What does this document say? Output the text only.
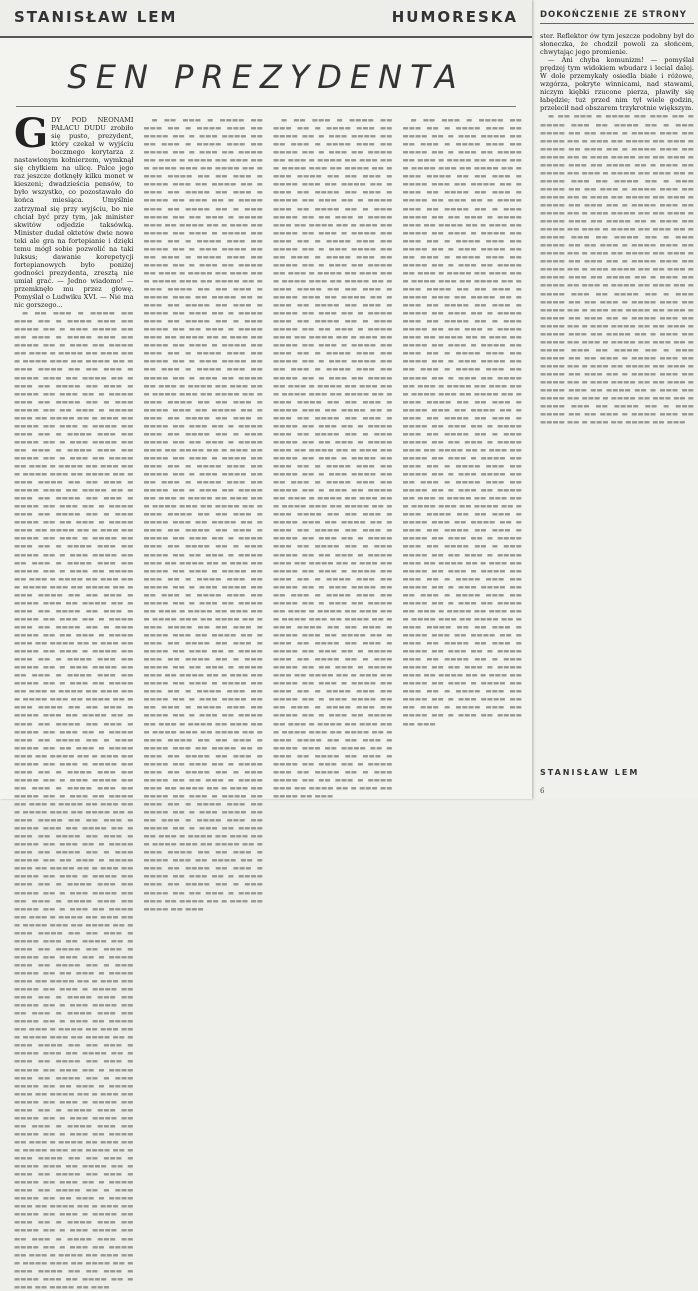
STANISŁAW LEM	HUMORESKA
SEN PREZYDENTA

GDY POD NEONAMI PAŁACU DUDU zrobiło się pusto, prezydent, który czekał w wyjściu boczmego korytarza z nastawionym kołnierzem, wymknął się chyłkiem na ulicę. Palce jego raz jeszcze dotknęły kilku monet w kieszeni; dwadzieścia pensów, to było wszystko, co pozostawało do końca miesiąca. Umyślnie zatrzymał się przy wyjściu, bo nie chciał być przy tym, jak minister skwitów odjedzie taksówką. Minister dudał oktetów dwie nowe teki ale gra na fortepianie i dzięki temu mógł sobie pozwolić na taki luksus; dawanie korepetycji fortepianowych było poniżej godności prezydenta, zresztą nie umiał grać. — Jedno wiadomo! — przemknęło mu przez głowę. Pomyślał o Ludwiku XVI. — Nie ma nic gorszego...

▬ ▬▬ ▬▬▬ ▬ ▬▬▬▬ ▬▬ ▬▬▬ ▬▬ ▬ ▬▬▬▬ ▬▬▬ ▬▬ ▬▬▬▬ ▬▬ ▬ ▬▬▬ ▬▬▬▬ ▬▬ ▬▬ ▬▬▬ ▬ ▬▬▬▬ ▬▬▬ ▬▬ ▬▬▬▬ ▬▬ ▬ ▬▬▬ ▬▬ ▬▬▬▬ ▬▬ ▬▬▬ ▬ ▬▬▬▬ ▬▬ ▬▬▬ ▬▬ ▬ ▬▬▬▬ ▬▬▬ ▬▬ ▬▬▬▬ ▬▬ ▬ ▬▬▬ ▬▬▬▬ ▬▬ ▬▬ ▬▬▬ ▬ ▬▬▬▬ ▬▬▬ ▬▬ ▬▬▬▬ ▬▬ ▬ ▬▬▬ ▬▬ ▬▬▬▬ ▬▬ ▬▬▬ ▬ ▬▬▬▬ ▬▬ ▬▬▬ ▬▬ ▬ ▬▬▬▬ ▬▬▬ ▬▬ ▬▬▬▬ ▬▬ ▬ ▬▬▬ ▬▬▬▬ ▬▬ ▬▬ ▬▬▬ ▬ ▬▬▬▬ ▬▬▬ ▬▬ ▬▬▬▬ ▬▬ ▬ ▬▬▬ ▬▬ ▬▬▬▬ ▬▬ ▬▬▬ ▬ ▬▬▬▬ ▬▬ ▬▬▬ ▬▬ ▬ ▬▬▬▬ ▬▬▬ ▬▬ ▬▬▬▬ ▬▬ ▬ ▬▬▬ ▬▬▬▬ ▬▬ ▬▬ ▬▬▬ ▬ ▬▬▬▬ ▬▬▬ ▬▬ ▬▬▬▬ ▬▬ ▬ ▬▬▬ ▬▬ ▬▬▬▬ ▬▬ ▬▬▬ ▬ ▬▬▬▬ ▬▬ ▬▬▬ ▬▬ ▬ ▬▬▬▬ ▬▬▬ ▬▬ ▬▬▬▬ ▬▬ ▬ ▬▬▬ ▬▬▬▬ ▬▬ ▬▬ ▬▬▬ ▬ ▬▬▬▬ ▬▬▬ ▬▬ ▬▬▬▬ ▬▬ ▬ ▬▬▬ ▬▬ ▬▬▬▬ ▬▬ ▬▬▬ ▬ ▬▬▬▬ ▬▬ ▬▬▬ ▬▬ ▬ ▬▬▬▬ ▬▬▬ ▬▬ ▬▬▬▬ ▬▬ ▬ ▬▬▬ ▬▬▬▬ ▬▬ ▬▬ ▬▬▬ ▬ ▬▬▬▬ ▬▬▬ ▬▬ ▬▬▬▬ ▬▬ ▬ ▬▬▬ ▬▬ ▬▬▬▬ ▬▬ ▬▬▬ ▬ ▬▬▬▬ ▬▬ ▬▬▬ ▬▬ ▬ ▬▬▬▬ ▬▬▬ ▬▬ ▬▬▬▬ ▬▬ ▬ ▬▬▬ ▬▬▬▬ ▬▬ ▬▬ ▬▬▬ ▬ ▬▬▬▬ ▬▬▬ ▬▬ ▬▬▬▬ ▬▬ ▬ ▬▬▬ ▬▬ ▬▬▬▬ ▬▬ ▬▬▬ ▬ ▬▬▬▬ ▬▬ ▬▬▬ ▬▬ ▬ ▬▬▬▬ ▬▬▬ ▬▬ ▬▬▬▬ ▬▬ ▬ ▬▬▬ ▬▬▬▬ ▬▬ ▬▬ ▬▬▬ ▬ ▬▬▬▬ ▬▬▬ ▬▬ ▬▬▬▬ ▬▬ ▬ ▬▬▬ ▬▬ ▬▬▬▬ ▬▬ ▬▬▬ ▬ ▬▬▬▬ ▬▬ ▬▬▬ ▬▬ ▬ ▬▬▬▬ ▬▬▬ ▬▬ ▬▬▬▬ ▬▬ ▬ ▬▬▬ ▬▬▬▬ ▬▬ ▬▬ ▬▬▬ ▬ ▬▬▬▬ ▬▬▬ ▬▬ ▬▬▬▬ ▬▬ ▬ ▬▬▬ ▬▬ ▬▬▬▬ ▬▬ ▬▬▬ ▬ ▬▬▬▬ ▬▬ ▬▬▬ ▬▬ ▬ ▬▬▬▬ ▬▬▬ ▬▬ ▬▬▬▬ ▬▬ ▬ ▬▬▬ ▬▬▬▬ ▬▬ ▬▬ ▬▬▬ ▬ ▬▬▬▬ ▬▬▬ ▬▬ ▬▬▬▬ ▬▬ ▬ ▬▬▬ ▬▬ ▬▬▬▬ ▬▬ ▬▬▬ ▬ ▬▬▬▬ ▬▬ ▬▬▬ ▬▬ ▬ ▬▬▬▬ ▬▬▬ ▬▬ ▬▬▬▬ ▬▬ ▬ ▬▬▬ ▬▬▬▬ ▬▬ ▬▬ ▬▬▬ ▬ ▬▬▬▬ ▬▬▬ ▬▬ ▬▬▬▬ ▬▬ ▬ ▬▬▬ ▬▬ ▬▬▬▬ ▬▬ ▬▬▬ ▬ ▬▬▬▬ ▬▬ ▬▬▬ ▬▬ ▬ ▬▬▬▬ ▬▬▬ ▬▬ ▬▬▬▬ ▬▬ ▬ ▬▬▬ ▬▬▬▬ ▬▬ ▬▬ ▬▬▬ ▬ ▬▬▬▬ ▬▬▬ ▬▬ ▬▬▬▬ ▬▬ ▬ ▬▬▬ ▬▬ ▬▬▬▬ ▬▬ ▬▬▬ ▬ ▬▬▬▬ ▬▬ ▬▬▬ ▬▬ ▬ ▬▬▬▬ ▬▬▬ ▬▬ ▬▬▬▬ ▬▬ ▬ ▬▬▬ ▬▬▬▬ ▬▬ ▬▬ ▬▬▬ ▬ ▬▬▬▬ ▬▬▬ ▬▬ ▬▬▬▬ ▬▬ ▬ ▬▬▬ ▬▬ ▬▬▬▬ ▬▬ ▬▬▬ ▬ ▬▬▬▬ ▬▬ ▬▬▬ ▬▬ ▬ ▬▬▬▬ ▬▬▬ ▬▬ ▬▬▬▬ ▬▬ ▬ ▬▬▬ ▬▬▬▬ ▬▬ ▬▬ ▬▬▬ ▬ ▬▬▬▬ ▬▬▬ ▬▬ ▬▬▬▬ ▬▬ ▬ ▬▬▬ ▬▬ ▬▬▬▬ ▬▬ ▬▬▬ ▬ ▬▬▬▬ ▬▬ ▬▬▬ ▬▬ ▬ ▬▬▬▬ ▬▬▬ ▬▬ ▬▬▬▬ ▬▬ ▬ ▬▬▬ ▬▬▬▬ ▬▬ ▬▬ ▬▬▬ ▬ ▬▬▬▬ ▬▬▬ ▬▬ ▬▬▬▬ ▬▬ ▬ ▬▬▬ ▬▬ ▬▬▬▬ ▬▬ ▬▬▬ ▬ ▬▬▬▬ ▬▬ ▬▬▬ ▬▬ ▬ ▬▬▬▬ ▬▬▬ ▬▬ ▬▬▬▬ ▬▬ ▬ ▬▬▬ ▬▬▬▬ ▬▬ ▬▬ ▬▬▬ ▬ ▬▬▬▬ ▬▬▬ ▬▬ ▬▬▬▬ ▬▬ ▬ ▬▬▬ ▬▬ ▬▬▬▬ ▬▬ ▬▬▬ ▬ ▬▬▬▬ ▬▬ ▬▬▬ ▬▬ ▬ ▬▬▬▬ ▬▬▬ ▬▬ ▬▬▬▬ ▬▬ ▬ ▬▬▬ ▬▬▬▬ ▬▬ ▬▬ ▬▬▬ ▬ ▬▬▬▬ ▬▬▬ ▬▬ ▬▬▬▬ ▬▬ ▬ ▬▬▬ ▬▬ ▬▬▬▬ ▬▬ ▬▬▬ ▬ ▬▬▬▬ ▬▬ ▬▬▬ ▬▬ ▬ ▬▬▬▬ ▬▬▬ ▬▬ ▬▬▬▬ ▬▬ ▬ ▬▬▬ ▬▬▬▬ ▬▬ ▬▬ ▬▬▬ ▬ ▬▬▬▬ ▬▬▬ ▬▬ ▬▬▬▬ ▬▬ ▬ ▬▬▬ ▬▬ ▬▬▬▬ ▬▬ ▬▬▬ ▬ ▬▬▬▬ ▬▬ ▬▬▬ ▬▬ ▬ ▬▬▬▬ ▬▬▬ ▬▬ ▬▬▬▬ ▬▬ ▬ ▬▬▬ ▬▬▬▬ ▬▬ ▬▬ ▬▬▬ ▬ ▬▬▬▬ ▬▬▬ ▬▬ ▬▬▬▬ ▬▬ ▬ ▬▬▬ ▬▬ ▬▬▬▬ ▬▬ ▬▬▬ ▬ ▬▬▬▬ ▬▬ ▬▬▬ ▬▬ ▬ ▬▬▬▬ ▬▬▬ ▬▬ ▬▬▬▬ ▬▬ ▬ ▬▬▬ ▬▬▬▬ ▬▬ ▬▬ ▬▬▬ ▬ ▬▬▬▬ ▬▬▬ ▬▬ ▬▬▬▬ ▬▬ ▬ ▬▬▬ ▬▬ ▬▬▬▬ ▬▬ ▬▬▬ ▬ ▬▬▬▬ ▬▬ ▬▬▬ ▬▬ ▬ ▬▬▬▬ ▬▬▬ ▬▬ ▬▬▬▬ ▬▬ ▬ ▬▬▬ ▬▬▬▬ ▬▬ ▬▬ ▬▬▬ ▬ ▬▬▬▬ ▬▬▬ ▬▬ ▬▬▬▬ ▬▬ ▬ ▬▬▬ ▬▬ ▬▬▬▬ ▬▬ ▬▬▬ ▬ ▬▬▬▬ ▬▬ ▬▬▬ ▬▬ ▬ ▬▬▬▬ ▬▬▬ ▬▬ ▬▬▬▬ ▬▬ ▬ ▬▬▬ ▬▬▬▬ ▬▬ ▬▬ ▬▬▬ ▬ ▬▬▬▬ ▬▬▬ ▬▬ ▬▬▬▬ ▬▬ ▬ ▬▬▬ ▬▬ ▬▬▬▬ ▬▬ ▬▬▬ ▬ ▬▬▬▬ ▬▬ ▬▬▬ ▬▬ ▬ ▬▬▬▬ ▬▬▬ ▬▬ ▬▬▬▬ ▬▬ ▬ ▬▬▬ ▬▬▬▬ ▬▬ ▬▬ ▬▬▬ ▬ ▬▬▬▬ ▬▬▬ ▬▬ ▬▬▬▬ ▬▬ ▬ ▬▬▬ ▬▬ ▬▬▬▬ ▬▬ ▬▬▬ ▬ ▬▬▬▬ ▬▬ ▬▬▬ ▬▬ ▬ ▬▬▬▬ ▬▬▬ ▬▬ ▬▬▬▬ ▬▬ ▬ ▬▬▬ ▬▬▬▬ ▬▬ ▬▬ ▬▬▬ ▬ ▬▬▬▬ ▬▬▬ ▬▬ ▬▬▬▬ ▬▬ ▬ ▬▬▬ ▬▬ ▬▬▬▬ ▬▬ ▬▬▬ ▬ ▬▬▬▬ ▬▬ ▬▬▬ ▬▬ ▬ ▬▬▬▬ ▬▬▬ ▬▬ ▬▬▬▬ ▬▬ ▬ ▬▬▬ ▬▬▬▬ ▬▬ ▬▬ ▬▬▬ ▬ ▬▬▬▬ ▬▬▬ ▬▬ ▬▬▬▬ ▬▬ ▬ ▬▬▬ ▬▬ ▬▬▬▬ ▬▬ ▬▬▬ ▬ ▬▬▬▬ ▬▬ ▬▬▬ ▬▬ ▬ ▬▬▬▬ ▬▬▬ ▬▬ ▬▬▬▬ ▬▬ ▬ ▬▬▬ ▬▬▬▬ ▬▬ ▬▬ ▬▬▬ ▬ ▬▬▬▬ ▬▬▬ ▬▬ ▬▬▬▬ ▬▬ ▬ ▬▬▬ ▬▬ ▬▬▬▬ ▬▬ ▬▬▬

▬ ▬▬ ▬▬▬ ▬ ▬▬▬▬ ▬▬ ▬▬▬ ▬▬ ▬ ▬▬▬▬ ▬▬▬ ▬▬ ▬▬▬▬ ▬▬ ▬ ▬▬▬ ▬▬▬▬ ▬▬ ▬▬ ▬▬▬ ▬ ▬▬▬▬ ▬▬▬ ▬▬ ▬▬▬▬ ▬▬ ▬ ▬▬▬ ▬▬ ▬▬▬▬ ▬▬ ▬▬▬ ▬ ▬▬▬▬ ▬▬ ▬▬▬ ▬▬ ▬ ▬▬▬▬ ▬▬▬ ▬▬ ▬▬▬▬ ▬▬ ▬ ▬▬▬ ▬▬▬▬ ▬▬ ▬▬ ▬▬▬ ▬ ▬▬▬▬ ▬▬▬ ▬▬ ▬▬▬▬ ▬▬ ▬ ▬▬▬ ▬▬ ▬▬▬▬ ▬▬ ▬▬▬ ▬ ▬▬▬▬ ▬▬ ▬▬▬ ▬▬ ▬ ▬▬▬▬ ▬▬▬ ▬▬ ▬▬▬▬ ▬▬ ▬ ▬▬▬ ▬▬▬▬ ▬▬ ▬▬ ▬▬▬ ▬ ▬▬▬▬ ▬▬▬ ▬▬ ▬▬▬▬ ▬▬ ▬ ▬▬▬ ▬▬ ▬▬▬▬ ▬▬ ▬▬▬ ▬ ▬▬▬▬ ▬▬ ▬▬▬ ▬▬ ▬ ▬▬▬▬ ▬▬▬ ▬▬ ▬▬▬▬ ▬▬ ▬ ▬▬▬ ▬▬▬▬ ▬▬ ▬▬ ▬▬▬ ▬ ▬▬▬▬ ▬▬▬ ▬▬ ▬▬▬▬ ▬▬ ▬ ▬▬▬ ▬▬ ▬▬▬▬ ▬▬ ▬▬▬ ▬ ▬▬▬▬ ▬▬ ▬▬▬ ▬▬ ▬ ▬▬▬▬ ▬▬▬ ▬▬ ▬▬▬▬ ▬▬ ▬ ▬▬▬ ▬▬▬▬ ▬▬ ▬▬ ▬▬▬ ▬ ▬▬▬▬ ▬▬▬ ▬▬ ▬▬▬▬ ▬▬ ▬ ▬▬▬ ▬▬ ▬▬▬▬ ▬▬ ▬▬▬ ▬ ▬▬▬▬ ▬▬ ▬▬▬ ▬▬ ▬ ▬▬▬▬ ▬▬▬ ▬▬ ▬▬▬▬ ▬▬ ▬ ▬▬▬ ▬▬▬▬ ▬▬ ▬▬ ▬▬▬ ▬ ▬▬▬▬ ▬▬▬ ▬▬ ▬▬▬▬ ▬▬ ▬ ▬▬▬ ▬▬ ▬▬▬▬ ▬▬ ▬▬▬ ▬ ▬▬▬▬ ▬▬ ▬▬▬ ▬▬ ▬ ▬▬▬▬ ▬▬▬ ▬▬ ▬▬▬▬ ▬▬ ▬ ▬▬▬ ▬▬▬▬ ▬▬ ▬▬ ▬▬▬ ▬ ▬▬▬▬ ▬▬▬ ▬▬ ▬▬▬▬ ▬▬ ▬ ▬▬▬ ▬▬ ▬▬▬▬ ▬▬ ▬▬▬ ▬ ▬▬▬▬ ▬▬ ▬▬▬ ▬▬ ▬ ▬▬▬▬ ▬▬▬ ▬▬ ▬▬▬▬ ▬▬ ▬ ▬▬▬ ▬▬▬▬ ▬▬ ▬▬ ▬▬▬ ▬ ▬▬▬▬ ▬▬▬ ▬▬ ▬▬▬▬ ▬▬ ▬ ▬▬▬ ▬▬ ▬▬▬▬ ▬▬ ▬▬▬ ▬ ▬▬▬▬ ▬▬ ▬▬▬ ▬▬ ▬ ▬▬▬▬ ▬▬▬ ▬▬ ▬▬▬▬ ▬▬ ▬ ▬▬▬ ▬▬▬▬ ▬▬ ▬▬ ▬▬▬ ▬ ▬▬▬▬ ▬▬▬ ▬▬ ▬▬▬▬ ▬▬ ▬ ▬▬▬ ▬▬ ▬▬▬▬ ▬▬ ▬▬▬ ▬ ▬▬▬▬ ▬▬ ▬▬▬ ▬▬ ▬ ▬▬▬▬ ▬▬▬ ▬▬ ▬▬▬▬ ▬▬ ▬ ▬▬▬ ▬▬▬▬ ▬▬ ▬▬ ▬▬▬ ▬ ▬▬▬▬ ▬▬▬ ▬▬ ▬▬▬▬ ▬▬ ▬ ▬▬▬ ▬▬ ▬▬▬▬ ▬▬ ▬▬▬ ▬ ▬▬▬▬ ▬▬ ▬▬▬ ▬▬ ▬ ▬▬▬▬ ▬▬▬ ▬▬ ▬▬▬▬ ▬▬ ▬ ▬▬▬ ▬▬▬▬ ▬▬ ▬▬ ▬▬▬ ▬ ▬▬▬▬ ▬▬▬ ▬▬ ▬▬▬▬ ▬▬ ▬ ▬▬▬ ▬▬ ▬▬▬▬ ▬▬ ▬▬▬ ▬ ▬▬▬▬ ▬▬ ▬▬▬ ▬▬ ▬ ▬▬▬▬ ▬▬▬ ▬▬ ▬▬▬▬ ▬▬ ▬ ▬▬▬ ▬▬▬▬ ▬▬ ▬▬ ▬▬▬ ▬ ▬▬▬▬ ▬▬▬ ▬▬ ▬▬▬▬ ▬▬ ▬ ▬▬▬ ▬▬ ▬▬▬▬ ▬▬ ▬▬▬ ▬ ▬▬▬▬ ▬▬ ▬▬▬ ▬▬ ▬ ▬▬▬▬ ▬▬▬ ▬▬ ▬▬▬▬ ▬▬ ▬ ▬▬▬ ▬▬▬▬ ▬▬ ▬▬ ▬▬▬ ▬ ▬▬▬▬ ▬▬▬ ▬▬ ▬▬▬▬ ▬▬ ▬ ▬▬▬ ▬▬ ▬▬▬▬ ▬▬ ▬▬▬ ▬ ▬▬▬▬ ▬▬ ▬▬▬ ▬▬ ▬ ▬▬▬▬ ▬▬▬ ▬▬ ▬▬▬▬ ▬▬ ▬ ▬▬▬ ▬▬▬▬ ▬▬ ▬▬ ▬▬▬ ▬ ▬▬▬▬ ▬▬▬ ▬▬ ▬▬▬▬ ▬▬ ▬ ▬▬▬ ▬▬ ▬▬▬▬ ▬▬ ▬▬▬ ▬ ▬▬▬▬ ▬▬ ▬▬▬ ▬▬ ▬ ▬▬▬▬ ▬▬▬ ▬▬ ▬▬▬▬ ▬▬ ▬ ▬▬▬ ▬▬▬▬ ▬▬ ▬▬ ▬▬▬ ▬ ▬▬▬▬ ▬▬▬ ▬▬ ▬▬▬▬ ▬▬ ▬ ▬▬▬ ▬▬ ▬▬▬▬ ▬▬ ▬▬▬ ▬ ▬▬▬▬ ▬▬ ▬▬▬ ▬▬ ▬ ▬▬▬▬ ▬▬▬ ▬▬ ▬▬▬▬ ▬▬ ▬ ▬▬▬ ▬▬▬▬ ▬▬ ▬▬ ▬▬▬ ▬ ▬▬▬▬ ▬▬▬ ▬▬ ▬▬▬▬ ▬▬ ▬ ▬▬▬ ▬▬ ▬▬▬▬ ▬▬ ▬▬▬ ▬ ▬▬▬▬ ▬▬ ▬▬▬ ▬▬ ▬ ▬▬▬▬ ▬▬▬ ▬▬ ▬▬▬▬ ▬▬ ▬ ▬▬▬ ▬▬▬▬ ▬▬ ▬▬ ▬▬▬ ▬ ▬▬▬▬ ▬▬▬ ▬▬ ▬▬▬▬ ▬▬ ▬ ▬▬▬ ▬▬ ▬▬▬▬ ▬▬ ▬▬▬ ▬ ▬▬▬▬ ▬▬ ▬▬▬ ▬▬ ▬ ▬▬▬▬ ▬▬▬ ▬▬ ▬▬▬▬ ▬▬ ▬ ▬▬▬ ▬▬▬▬ ▬▬ ▬▬ ▬▬▬ ▬ ▬▬▬▬ ▬▬▬ ▬▬ ▬▬▬▬ ▬▬ ▬ ▬▬▬ ▬▬ ▬▬▬▬ ▬▬ ▬▬▬ ▬ ▬▬▬▬ ▬▬ ▬▬▬ ▬▬ ▬ ▬▬▬▬ ▬▬▬ ▬▬ ▬▬▬▬ ▬▬ ▬ ▬▬▬ ▬▬▬▬ ▬▬ ▬▬ ▬▬▬ ▬ ▬▬▬▬ ▬▬▬ ▬▬ ▬▬▬▬ ▬▬ ▬ ▬▬▬ ▬▬ ▬▬▬▬ ▬▬ ▬▬▬ ▬ ▬▬▬▬ ▬▬ ▬▬▬ ▬▬ ▬ ▬▬▬▬ ▬▬▬ ▬▬ ▬▬▬▬ ▬▬ ▬ ▬▬▬ ▬▬▬▬ ▬▬ ▬▬ ▬▬▬ ▬ ▬▬▬▬ ▬▬▬ ▬▬ ▬▬▬▬ ▬▬ ▬ ▬▬▬ ▬▬ ▬▬▬▬ ▬▬ ▬▬▬ ▬ ▬▬▬▬ ▬▬ ▬▬▬ ▬▬ ▬ ▬▬▬▬ ▬▬▬ ▬▬ ▬▬▬▬ ▬▬ ▬ ▬▬▬ ▬▬▬▬ ▬▬ ▬▬ ▬▬▬ ▬ ▬▬▬▬ ▬▬▬ ▬▬ ▬▬▬▬ ▬▬ ▬ ▬▬▬ ▬▬ ▬▬▬▬ ▬▬ ▬▬▬

▬ ▬▬ ▬▬▬ ▬ ▬▬▬▬ ▬▬ ▬▬▬ ▬▬ ▬ ▬▬▬▬ ▬▬▬ ▬▬ ▬▬▬▬ ▬▬ ▬ ▬▬▬ ▬▬▬▬ ▬▬ ▬▬ ▬▬▬ ▬ ▬▬▬▬ ▬▬▬ ▬▬ ▬▬▬▬ ▬▬ ▬ ▬▬▬ ▬▬ ▬▬▬▬ ▬▬ ▬▬▬ ▬ ▬▬▬▬ ▬▬ ▬▬▬ ▬▬ ▬ ▬▬▬▬ ▬▬▬ ▬▬ ▬▬▬▬ ▬▬ ▬ ▬▬▬ ▬▬▬▬ ▬▬ ▬▬ ▬▬▬ ▬ ▬▬▬▬ ▬▬▬ ▬▬ ▬▬▬▬ ▬▬ ▬ ▬▬▬ ▬▬ ▬▬▬▬ ▬▬ ▬▬▬ ▬ ▬▬▬▬ ▬▬ ▬▬▬ ▬▬ ▬ ▬▬▬▬ ▬▬▬ ▬▬ ▬▬▬▬ ▬▬ ▬ ▬▬▬ ▬▬▬▬ ▬▬ ▬▬ ▬▬▬ ▬ ▬▬▬▬ ▬▬▬ ▬▬ ▬▬▬▬ ▬▬ ▬ ▬▬▬ ▬▬ ▬▬▬▬ ▬▬ ▬▬▬ ▬ ▬▬▬▬ ▬▬ ▬▬▬ ▬▬ ▬ ▬▬▬▬ ▬▬▬ ▬▬ ▬▬▬▬ ▬▬ ▬ ▬▬▬ ▬▬▬▬ ▬▬ ▬▬ ▬▬▬ ▬ ▬▬▬▬ ▬▬▬ ▬▬ ▬▬▬▬ ▬▬ ▬ ▬▬▬ ▬▬ ▬▬▬▬ ▬▬ ▬▬▬ ▬ ▬▬▬▬ ▬▬ ▬▬▬ ▬▬ ▬ ▬▬▬▬ ▬▬▬ ▬▬ ▬▬▬▬ ▬▬ ▬ ▬▬▬ ▬▬▬▬ ▬▬ ▬▬ ▬▬▬ ▬ ▬▬▬▬ ▬▬▬ ▬▬ ▬▬▬▬ ▬▬ ▬ ▬▬▬ ▬▬ ▬▬▬▬ ▬▬ ▬▬▬ ▬ ▬▬▬▬ ▬▬ ▬▬▬ ▬▬ ▬ ▬▬▬▬ ▬▬▬ ▬▬ ▬▬▬▬ ▬▬ ▬ ▬▬▬ ▬▬▬▬ ▬▬ ▬▬ ▬▬▬ ▬ ▬▬▬▬ ▬▬▬ ▬▬ ▬▬▬▬ ▬▬ ▬ ▬▬▬ ▬▬ ▬▬▬▬ ▬▬ ▬▬▬ ▬ ▬▬▬▬ ▬▬ ▬▬▬ ▬▬ ▬ ▬▬▬▬ ▬▬▬ ▬▬ ▬▬▬▬ ▬▬ ▬ ▬▬▬ ▬▬▬▬ ▬▬ ▬▬ ▬▬▬ ▬ ▬▬▬▬ ▬▬▬ ▬▬ ▬▬▬▬ ▬▬ ▬ ▬▬▬ ▬▬ ▬▬▬▬ ▬▬ ▬▬▬ ▬ ▬▬▬▬ ▬▬ ▬▬▬ ▬▬ ▬ ▬▬▬▬ ▬▬▬ ▬▬ ▬▬▬▬ ▬▬ ▬ ▬▬▬ ▬▬▬▬ ▬▬ ▬▬ ▬▬▬ ▬ ▬▬▬▬ ▬▬▬ ▬▬ ▬▬▬▬ ▬▬ ▬ ▬▬▬ ▬▬ ▬▬▬▬ ▬▬ ▬▬▬ ▬ ▬▬▬▬ ▬▬ ▬▬▬ ▬▬ ▬ ▬▬▬▬ ▬▬▬ ▬▬ ▬▬▬▬ ▬▬ ▬ ▬▬▬ ▬▬▬▬ ▬▬ ▬▬ ▬▬▬ ▬ ▬▬▬▬ ▬▬▬ ▬▬ ▬▬▬▬ ▬▬ ▬ ▬▬▬ ▬▬ ▬▬▬▬ ▬▬ ▬▬▬ ▬ ▬▬▬▬ ▬▬ ▬▬▬ ▬▬ ▬ ▬▬▬▬ ▬▬▬ ▬▬ ▬▬▬▬ ▬▬ ▬ ▬▬▬ ▬▬▬▬ ▬▬ ▬▬ ▬▬▬ ▬ ▬▬▬▬ ▬▬▬ ▬▬ ▬▬▬▬ ▬▬ ▬ ▬▬▬ ▬▬ ▬▬▬▬ ▬▬ ▬▬▬ ▬ ▬▬▬▬ ▬▬ ▬▬▬ ▬▬ ▬ ▬▬▬▬ ▬▬▬ ▬▬ ▬▬▬▬ ▬▬ ▬ ▬▬▬ ▬▬▬▬ ▬▬ ▬▬ ▬▬▬ ▬ ▬▬▬▬ ▬▬▬ ▬▬ ▬▬▬▬ ▬▬ ▬ ▬▬▬ ▬▬ ▬▬▬▬ ▬▬ ▬▬▬ ▬ ▬▬▬▬ ▬▬ ▬▬▬ ▬▬ ▬ ▬▬▬▬ ▬▬▬ ▬▬ ▬▬▬▬ ▬▬ ▬ ▬▬▬ ▬▬▬▬ ▬▬ ▬▬ ▬▬▬ ▬ ▬▬▬▬ ▬▬▬ ▬▬ ▬▬▬▬ ▬▬ ▬ ▬▬▬ ▬▬ ▬▬▬▬ ▬▬ ▬▬▬ ▬ ▬▬▬▬ ▬▬ ▬▬▬ ▬▬ ▬ ▬▬▬▬ ▬▬▬ ▬▬ ▬▬▬▬ ▬▬ ▬ ▬▬▬ ▬▬▬▬ ▬▬ ▬▬ ▬▬▬ ▬ ▬▬▬▬ ▬▬▬ ▬▬ ▬▬▬▬ ▬▬ ▬ ▬▬▬ ▬▬ ▬▬▬▬ ▬▬ ▬▬▬ ▬ ▬▬▬▬ ▬▬ ▬▬▬ ▬▬ ▬ ▬▬▬▬ ▬▬▬ ▬▬ ▬▬▬▬ ▬▬ ▬ ▬▬▬ ▬▬▬▬ ▬▬ ▬▬ ▬▬▬ ▬ ▬▬▬▬ ▬▬▬ ▬▬ ▬▬▬▬ ▬▬ ▬ ▬▬▬ ▬▬ ▬▬▬▬ ▬▬ ▬▬▬ ▬ ▬▬▬▬ ▬▬ ▬▬▬ ▬▬ ▬ ▬▬▬▬ ▬▬▬ ▬▬ ▬▬▬▬ ▬▬ ▬ ▬▬▬ ▬▬▬▬ ▬▬ ▬▬ ▬▬▬ ▬ ▬▬▬▬ ▬▬▬ ▬▬ ▬▬▬▬ ▬▬ ▬ ▬▬▬ ▬▬ ▬▬▬▬ ▬▬ ▬▬▬ ▬ ▬▬▬▬ ▬▬ ▬▬▬ ▬▬ ▬ ▬▬▬▬ ▬▬▬ ▬▬ ▬▬▬▬ ▬▬ ▬ ▬▬▬ ▬▬▬▬ ▬▬ ▬▬ ▬▬▬ ▬ ▬▬▬▬ ▬▬▬ ▬▬ ▬▬▬▬ ▬▬ ▬ ▬▬▬ ▬▬ ▬▬▬▬ ▬▬ ▬▬▬ ▬ ▬▬▬▬ ▬▬ ▬▬▬ ▬▬ ▬ ▬▬▬▬ ▬▬▬ ▬▬ ▬▬▬▬ ▬▬ ▬ ▬▬▬ ▬▬▬▬ ▬▬ ▬▬ ▬▬▬ ▬ ▬▬▬▬ ▬▬▬ ▬▬ ▬▬▬▬ ▬▬ ▬ ▬▬▬ ▬▬ ▬▬▬▬ ▬▬ ▬▬▬ ▬ ▬▬▬▬ ▬▬ ▬▬▬ ▬▬ ▬ ▬▬▬▬ ▬▬▬ ▬▬ ▬▬▬▬ ▬▬ ▬ ▬▬▬ ▬▬▬▬ ▬▬ ▬▬ ▬▬▬ ▬ ▬▬▬▬ ▬▬▬ ▬▬ ▬▬▬▬ ▬▬ ▬ ▬▬▬ ▬▬ ▬▬▬▬ ▬▬ ▬▬▬

▬ ▬▬ ▬▬▬ ▬ ▬▬▬▬ ▬▬ ▬▬▬ ▬▬ ▬ ▬▬▬▬ ▬▬▬ ▬▬ ▬▬▬▬ ▬▬ ▬ ▬▬▬ ▬▬▬▬ ▬▬ ▬▬ ▬▬▬ ▬ ▬▬▬▬ ▬▬▬ ▬▬ ▬▬▬▬ ▬▬ ▬ ▬▬▬ ▬▬ ▬▬▬▬ ▬▬ ▬▬▬ ▬ ▬▬▬▬ ▬▬ ▬▬▬ ▬▬ ▬ ▬▬▬▬ ▬▬▬ ▬▬ ▬▬▬▬ ▬▬ ▬ ▬▬▬ ▬▬▬▬ ▬▬ ▬▬ ▬▬▬ ▬ ▬▬▬▬ ▬▬▬ ▬▬ ▬▬▬▬ ▬▬ ▬ ▬▬▬ ▬▬ ▬▬▬▬ ▬▬ ▬▬▬ ▬ ▬▬▬▬ ▬▬ ▬▬▬ ▬▬ ▬ ▬▬▬▬ ▬▬▬ ▬▬ ▬▬▬▬ ▬▬ ▬ ▬▬▬ ▬▬▬▬ ▬▬ ▬▬ ▬▬▬ ▬ ▬▬▬▬ ▬▬▬ ▬▬ ▬▬▬▬ ▬▬ ▬ ▬▬▬ ▬▬ ▬▬▬▬ ▬▬ ▬▬▬ ▬ ▬▬▬▬ ▬▬ ▬▬▬ ▬▬ ▬ ▬▬▬▬ ▬▬▬ ▬▬ ▬▬▬▬ ▬▬ ▬ ▬▬▬ ▬▬▬▬ ▬▬ ▬▬ ▬▬▬ ▬ ▬▬▬▬ ▬▬▬ ▬▬ ▬▬▬▬ ▬▬ ▬ ▬▬▬ ▬▬ ▬▬▬▬ ▬▬ ▬▬▬ ▬ ▬▬▬▬ ▬▬ ▬▬▬ ▬▬ ▬ ▬▬▬▬ ▬▬▬ ▬▬ ▬▬▬▬ ▬▬ ▬ ▬▬▬ ▬▬▬▬ ▬▬ ▬▬ ▬▬▬ ▬ ▬▬▬▬ ▬▬▬ ▬▬ ▬▬▬▬ ▬▬ ▬ ▬▬▬ ▬▬ ▬▬▬▬ ▬▬ ▬▬▬ ▬ ▬▬▬▬ ▬▬ ▬▬▬ ▬▬ ▬ ▬▬▬▬ ▬▬▬ ▬▬ ▬▬▬▬ ▬▬ ▬ ▬▬▬ ▬▬▬▬ ▬▬ ▬▬ ▬▬▬ ▬ ▬▬▬▬ ▬▬▬ ▬▬ ▬▬▬▬ ▬▬ ▬ ▬▬▬ ▬▬ ▬▬▬▬ ▬▬ ▬▬▬ ▬ ▬▬▬▬ ▬▬ ▬▬▬ ▬▬ ▬ ▬▬▬▬ ▬▬▬ ▬▬ ▬▬▬▬ ▬▬ ▬ ▬▬▬ ▬▬▬▬ ▬▬ ▬▬ ▬▬▬ ▬ ▬▬▬▬ ▬▬▬ ▬▬ ▬▬▬▬ ▬▬ ▬ ▬▬▬ ▬▬ ▬▬▬▬ ▬▬ ▬▬▬ ▬ ▬▬▬▬ ▬▬ ▬▬▬ ▬▬ ▬ ▬▬▬▬ ▬▬▬ ▬▬ ▬▬▬▬ ▬▬ ▬ ▬▬▬ ▬▬▬▬ ▬▬ ▬▬ ▬▬▬ ▬ ▬▬▬▬ ▬▬▬ ▬▬ ▬▬▬▬ ▬▬ ▬ ▬▬▬ ▬▬ ▬▬▬▬ ▬▬ ▬▬▬ ▬ ▬▬▬▬ ▬▬ ▬▬▬ ▬▬ ▬ ▬▬▬▬ ▬▬▬ ▬▬ ▬▬▬▬ ▬▬ ▬ ▬▬▬ ▬▬▬▬ ▬▬ ▬▬ ▬▬▬ ▬ ▬▬▬▬ ▬▬▬ ▬▬ ▬▬▬▬ ▬▬ ▬ ▬▬▬ ▬▬ ▬▬▬▬ ▬▬ ▬▬▬ ▬ ▬▬▬▬ ▬▬ ▬▬▬ ▬▬ ▬ ▬▬▬▬ ▬▬▬ ▬▬ ▬▬▬▬ ▬▬ ▬ ▬▬▬ ▬▬▬▬ ▬▬ ▬▬ ▬▬▬ ▬ ▬▬▬▬ ▬▬▬ ▬▬ ▬▬▬▬ ▬▬ ▬ ▬▬▬ ▬▬ ▬▬▬▬ ▬▬ ▬▬▬ ▬ ▬▬▬▬ ▬▬ ▬▬▬ ▬▬ ▬ ▬▬▬▬ ▬▬▬ ▬▬ ▬▬▬▬ ▬▬ ▬ ▬▬▬ ▬▬▬▬ ▬▬ ▬▬ ▬▬▬ ▬ ▬▬▬▬ ▬▬▬ ▬▬ ▬▬▬▬ ▬▬ ▬ ▬▬▬ ▬▬ ▬▬▬▬ ▬▬ ▬▬▬ ▬ ▬▬▬▬ ▬▬ ▬▬▬ ▬▬ ▬ ▬▬▬▬ ▬▬▬ ▬▬ ▬▬▬▬ ▬▬ ▬ ▬▬▬ ▬▬▬▬ ▬▬ ▬▬ ▬▬▬ ▬ ▬▬▬▬ ▬▬▬ ▬▬ ▬▬▬▬ ▬▬ ▬ ▬▬▬ ▬▬ ▬▬▬▬ ▬▬ ▬▬▬ ▬ ▬▬▬▬ ▬▬ ▬▬▬ ▬▬ ▬ ▬▬▬▬ ▬▬▬ ▬▬ ▬▬▬▬ ▬▬ ▬ ▬▬▬ ▬▬▬▬ ▬▬ ▬▬ ▬▬▬ ▬ ▬▬▬▬ ▬▬▬ ▬▬ ▬▬▬▬ ▬▬ ▬ ▬▬▬ ▬▬ ▬▬▬▬ ▬▬ ▬▬▬ ▬ ▬▬▬▬ ▬▬ ▬▬▬ ▬▬ ▬ ▬▬▬▬ ▬▬▬ ▬▬ ▬▬▬▬ ▬▬ ▬ ▬▬▬ ▬▬▬▬ ▬▬ ▬▬ ▬▬▬ ▬ ▬▬▬▬ ▬▬▬ ▬▬ ▬▬▬▬ ▬▬ ▬ ▬▬▬ ▬▬ ▬▬▬▬ ▬▬ ▬▬▬ ▬ ▬▬▬▬ ▬▬ ▬▬▬ ▬▬ ▬ ▬▬▬▬ ▬▬▬ ▬▬ ▬▬▬▬ ▬▬ ▬ ▬▬▬ ▬▬▬▬ ▬▬ ▬▬ ▬▬▬ ▬ ▬▬▬▬ ▬▬▬ ▬▬ ▬▬▬▬ ▬▬ ▬ ▬▬▬ ▬▬ ▬▬▬▬ ▬▬ ▬▬▬ ▬ ▬▬▬▬ ▬▬ ▬▬▬ ▬▬ ▬ ▬▬▬▬ ▬▬▬ ▬▬ ▬▬▬▬ ▬▬ ▬ ▬▬▬ ▬▬▬▬ ▬▬ ▬▬ ▬▬▬ ▬ ▬▬▬▬ ▬▬▬ ▬▬ ▬▬▬▬ ▬▬ ▬ ▬▬▬ ▬▬ ▬▬▬▬ ▬▬ ▬▬▬

DOKOŃCZENIE ZE STRONY

ster. Reflektor ów tym jeszcze podobny był do słoneczka, że chodził powoli za słońcem, chwytając jego promienie.

— Ani chyba komunizm! — pomyślał prędzej tym widokiem wbudarz i lecial dalej. W dole przemykały osiedla białe i różowe, wzgórza, pokryte winnicami, nad stawami, niczym kiębki rzucone pierza, pławiły się łabędzie; tuż przed nim tył wiele godzin, przelecił nad obszarem trzykrotnie większym.

▬ ▬▬ ▬▬▬ ▬ ▬▬▬▬ ▬▬ ▬▬▬ ▬▬ ▬ ▬▬▬▬ ▬▬▬ ▬▬ ▬▬▬▬ ▬▬ ▬ ▬▬▬ ▬▬▬▬ ▬▬ ▬▬ ▬▬▬ ▬ ▬▬▬▬ ▬▬▬ ▬▬ ▬▬▬▬ ▬▬ ▬ ▬▬▬ ▬▬ ▬▬▬▬ ▬▬ ▬▬▬ ▬ ▬▬▬▬ ▬▬ ▬▬▬ ▬▬ ▬ ▬▬▬▬ ▬▬▬ ▬▬ ▬▬▬▬ ▬▬ ▬ ▬▬▬ ▬▬▬▬ ▬▬ ▬▬ ▬▬▬ ▬ ▬▬▬▬ ▬▬▬ ▬▬ ▬▬▬▬ ▬▬ ▬ ▬▬▬ ▬▬ ▬▬▬▬ ▬▬ ▬▬▬ ▬ ▬▬▬▬ ▬▬ ▬▬▬ ▬▬ ▬ ▬▬▬▬ ▬▬▬ ▬▬ ▬▬▬▬ ▬▬ ▬ ▬▬▬ ▬▬▬▬ ▬▬ ▬▬ ▬▬▬ ▬ ▬▬▬▬ ▬▬▬ ▬▬ ▬▬▬▬ ▬▬ ▬ ▬▬▬ ▬▬ ▬▬▬▬ ▬▬ ▬▬▬ ▬ ▬▬▬▬ ▬▬ ▬▬▬ ▬▬ ▬ ▬▬▬▬ ▬▬▬ ▬▬ ▬▬▬▬ ▬▬ ▬ ▬▬▬ ▬▬▬▬ ▬▬ ▬▬ ▬▬▬ ▬ ▬▬▬▬ ▬▬▬ ▬▬ ▬▬▬▬ ▬▬ ▬ ▬▬▬ ▬▬ ▬▬▬▬ ▬▬ ▬▬▬ ▬ ▬▬▬▬ ▬▬ ▬▬▬ ▬▬ ▬ ▬▬▬▬ ▬▬▬ ▬▬ ▬▬▬▬ ▬▬ ▬ ▬▬▬ ▬▬▬▬ ▬▬ ▬▬ ▬▬▬ ▬ ▬▬▬▬ ▬▬▬ ▬▬ ▬▬▬▬ ▬▬ ▬ ▬▬▬ ▬▬ ▬▬▬▬ ▬▬ ▬▬▬ ▬ ▬▬▬▬ ▬▬ ▬▬▬ ▬▬ ▬ ▬▬▬▬ ▬▬▬ ▬▬ ▬▬▬▬ ▬▬ ▬ ▬▬▬ ▬▬▬▬ ▬▬ ▬▬ ▬▬▬ ▬ ▬▬▬▬ ▬▬▬ ▬▬ ▬▬▬▬ ▬▬ ▬ ▬▬▬ ▬▬ ▬▬▬▬ ▬▬ ▬▬▬ ▬ ▬▬▬▬ ▬▬ ▬▬▬ ▬▬ ▬ ▬▬▬▬ ▬▬▬ ▬▬ ▬▬▬▬ ▬▬ ▬ ▬▬▬ ▬▬▬▬ ▬▬ ▬▬ ▬▬▬ ▬ ▬▬▬▬ ▬▬▬ ▬▬ ▬▬▬▬ ▬▬ ▬ ▬▬▬ ▬▬ ▬▬▬▬ ▬▬ ▬▬▬ ▬ ▬▬▬▬ ▬▬ ▬▬▬ ▬▬ ▬ ▬▬▬▬ ▬▬▬ ▬▬ ▬▬▬▬ ▬▬ ▬ ▬▬▬ ▬▬▬▬ ▬▬ ▬▬ ▬▬▬ ▬ ▬▬▬▬ ▬▬▬ ▬▬ ▬▬▬▬ ▬▬ ▬ ▬▬▬ ▬▬ ▬▬▬▬ ▬▬ ▬▬▬ ▬ ▬▬▬▬ ▬▬ ▬▬▬ ▬▬ ▬ ▬▬▬▬ ▬▬▬ ▬▬ ▬▬▬▬ ▬▬ ▬ ▬▬▬ ▬▬▬▬ ▬▬ ▬▬ ▬▬▬ ▬ ▬▬▬▬ ▬▬▬ ▬▬ ▬▬▬▬ ▬▬ ▬ ▬▬▬ ▬▬ ▬▬▬▬ ▬▬ ▬▬▬ ▬ ▬▬▬▬ ▬▬ ▬▬▬ ▬▬ ▬ ▬▬▬▬ ▬▬▬ ▬▬ ▬▬▬▬ ▬▬ ▬ ▬▬▬ ▬▬▬▬ ▬▬ ▬▬ ▬▬▬ ▬ ▬▬▬▬ ▬▬▬ ▬▬ ▬▬▬▬ ▬▬ ▬ ▬▬▬ ▬▬ ▬▬▬▬ ▬▬ ▬▬▬ ▬ ▬▬▬▬ ▬▬ ▬▬▬ ▬▬ ▬ ▬▬▬▬ ▬▬▬ ▬▬ ▬▬▬▬ ▬▬ ▬ ▬▬▬ ▬▬▬▬ ▬▬ ▬▬ ▬▬▬ ▬ ▬▬▬▬ ▬▬▬ ▬▬ ▬▬▬▬ ▬▬ ▬ ▬▬▬ ▬▬ ▬▬▬▬ ▬▬ ▬▬▬

STANISŁAW LEM
6
